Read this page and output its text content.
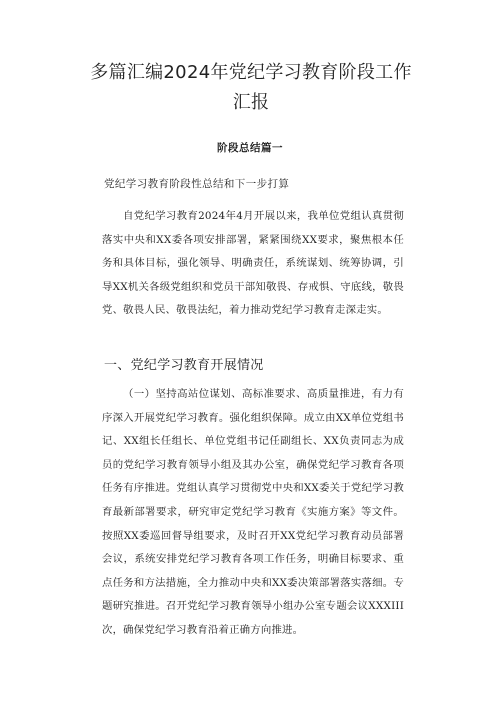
多篇汇编2024年党纪学习教育阶段工作汇报

阶段总结篇一

党纪学习教育阶段性总结和下一步打算

自党纪学习教育2024年4月开展以来，我单位党组认真贯彻落实中央和XX委各项安排部署，紧紧围绕XX要求，聚焦根本任务和具体目标，强化领导、明确责任，系统谋划、统筹协调，引导XX机关各级党组织和党员干部知敬畏、存戒惧、守底线，敬畏党、敬畏人民、敬畏法纪，着力推动党纪学习教育走深走实。

一、党纪学习教育开展情况

（一）坚持高站位谋划、高标准要求、高质量推进，有力有序深入开展党纪学习教育。强化组织保障。成立由XX单位党组书记、XX组长任组长、单位党组书记任副组长、XX负责同志为成员的党纪学习教育领导小组及其办公室，确保党纪学习教育各项任务有序推进。党组认真学习贯彻党中央和XX委关于党纪学习教育最新部署要求，研究审定党纪学习教育《实施方案》等文件。按照XX委巡回督导组要求，及时召开XX党纪学习教育动员部署会议，系统安排党纪学习教育各项工作任务，明确目标要求、重点任务和方法措施，全力推动中央和XX委决策部署落实落细。专题研究推进。召开党纪学习教育领导小组办公室专题会议XXXIII次，确保党纪学习教育沿着正确方向推进。
